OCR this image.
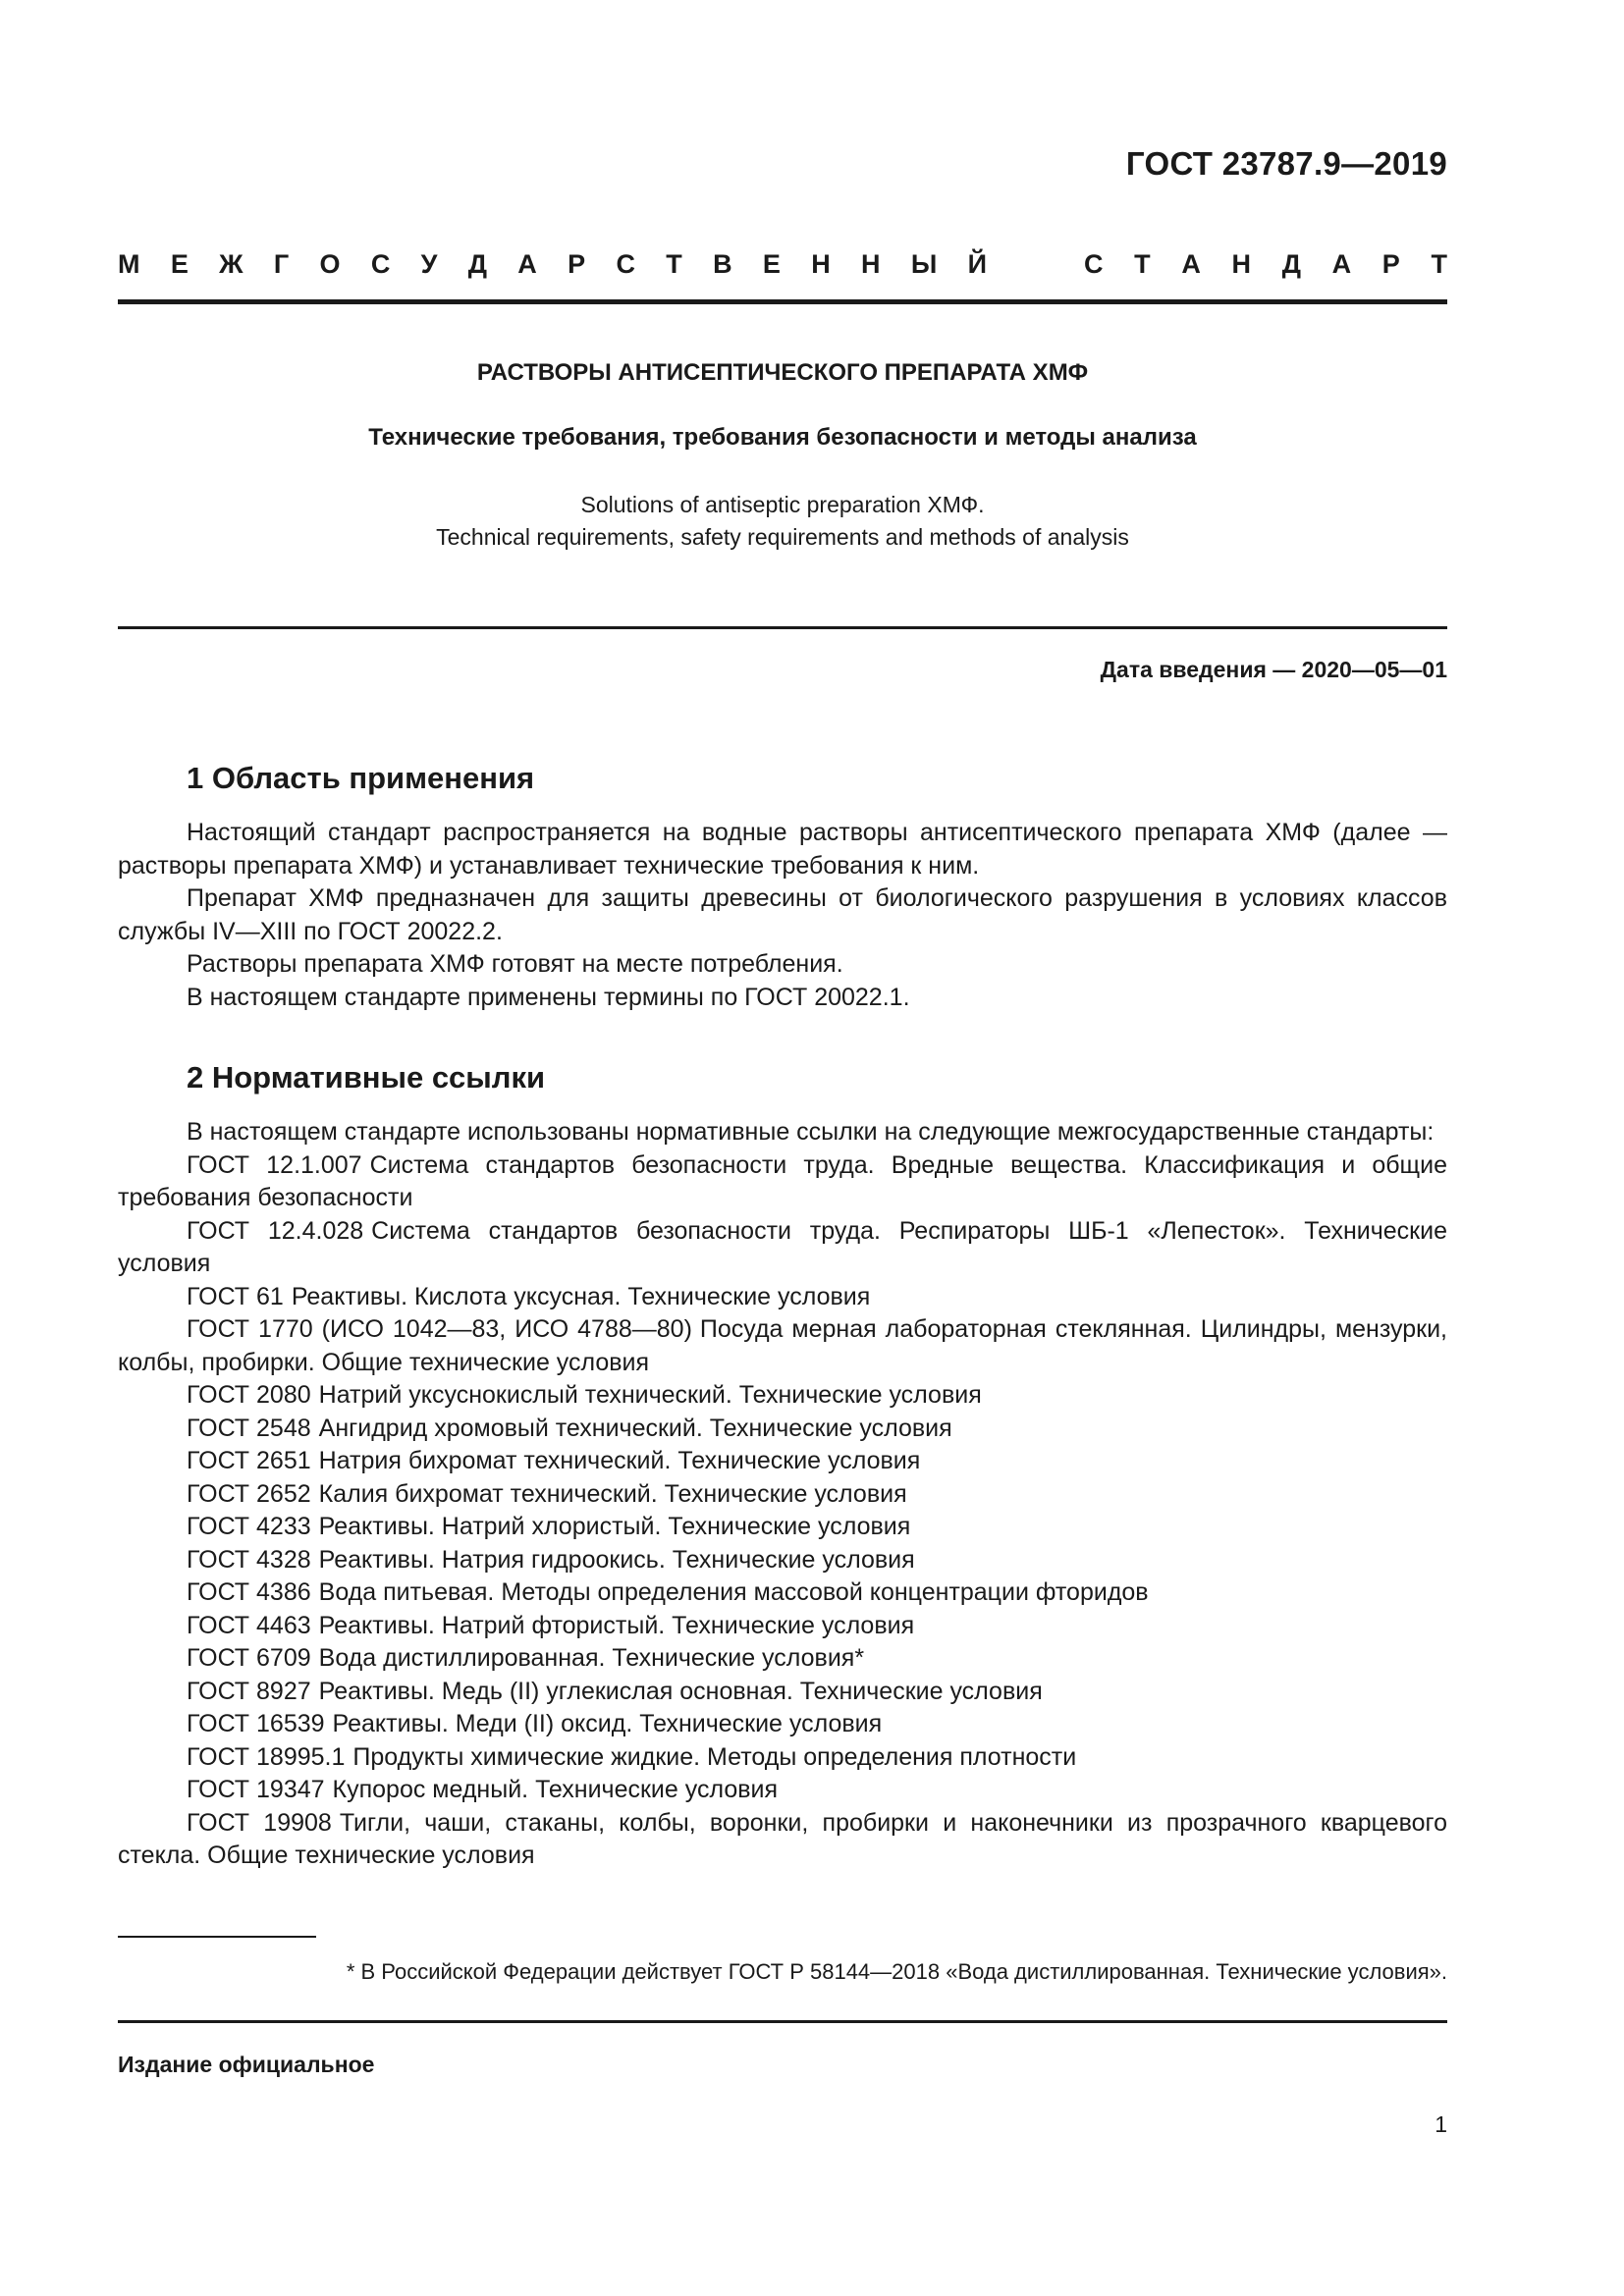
ГОСТ 23787.9—2019
М Е Ж Г О С У Д А Р С Т В Е Н Н Ы Й	С Т А Н Д А Р Т
РАСТВОРЫ АНТИСЕПТИЧЕСКОГО ПРЕПАРАТА ХМФ
Технические требования, требования безопасности и методы анализа
Solutions of antiseptic preparation ХМФ.
Technical requirements, safety requirements and methods of analysis
Дата введения — 2020—05—01
1 Область применения

Настоящий стандарт распространяется на водные растворы антисептического препарата ХМФ (далее — растворы препарата ХМФ) и устанавливает технические требования к ним.

Препарат ХМФ предназначен для защиты древесины от биологического разрушения в условиях классов службы IV—XIII по ГОСТ 20022.2.

Растворы препарата ХМФ готовят на месте потребления.

В настоящем стандарте применены термины по ГОСТ 20022.1.

2 Нормативные ссылки

В настоящем стандарте использованы нормативные ссылки на следующие межгосударственные стандарты:

ГОСТ 12.1.007 Система стандартов безопасности труда. Вредные вещества. Классификация и общие требования безопасности

ГОСТ 12.4.028 Система стандартов безопасности труда. Респираторы ШБ-1 «Лепесток». Технические условия

ГОСТ 61 Реактивы. Кислота уксусная. Технические условия

ГОСТ 1770 (ИСО 1042—83, ИСО 4788—80) Посуда мерная лабораторная стеклянная. Цилиндры, мензурки, колбы, пробирки. Общие технические условия

ГОСТ 2080 Натрий уксуснокислый технический. Технические условия

ГОСТ 2548 Ангидрид хромовый технический. Технические условия

ГОСТ 2651 Натрия бихромат технический. Технические условия

ГОСТ 2652 Калия бихромат технический. Технические условия

ГОСТ 4233 Реактивы. Натрий хлористый. Технические условия

ГОСТ 4328 Реактивы. Натрия гидроокись. Технические условия

ГОСТ 4386 Вода питьевая. Методы определения массовой концентрации фторидов

ГОСТ 4463 Реактивы. Натрий фтористый. Технические условия

ГОСТ 6709 Вода дистиллированная. Технические условия*

ГОСТ 8927 Реактивы. Медь (II) углекислая основная. Технические условия

ГОСТ 16539 Реактивы. Меди (II) оксид. Технические условия

ГОСТ 18995.1 Продукты химические жидкие. Методы определения плотности

ГОСТ 19347 Купорос медный. Технические условия

ГОСТ 19908 Тигли, чаши, стаканы, колбы, воронки, пробирки и наконечники из прозрачного кварцевого стекла. Общие технические условия

* В Российской Федерации действует ГОСТ Р 58144—2018 «Вода дистиллированная. Технические условия».
Издание официальное
1
